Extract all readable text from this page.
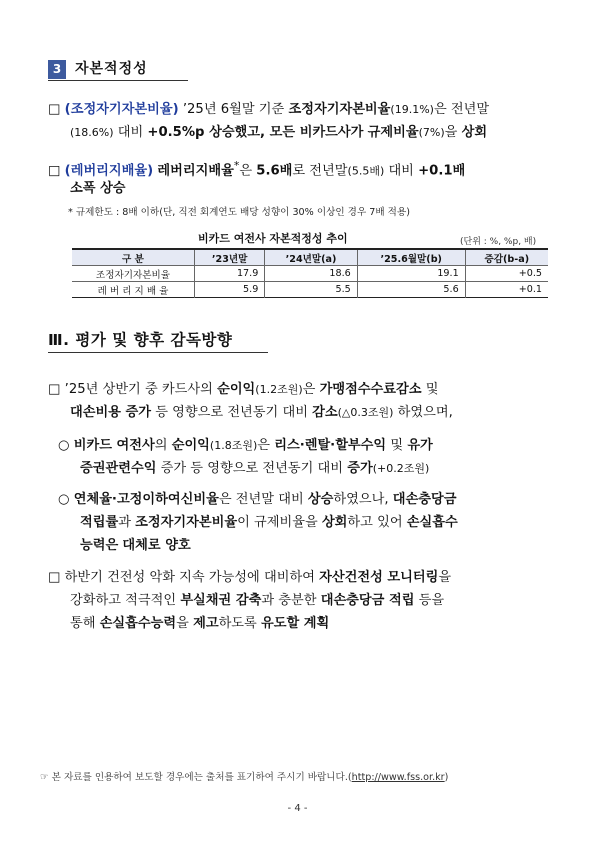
3 자본적정성
□ (조정자기자본비율) ’25년 6월말 기준 조정자기자본비율(19.1%)은 전년말
(18.6%) 대비 +0.5%p 상승했고, 모든 비카드사가 규제비율(7%)을 상회
□ (레버리지배율) 레버리지배율*은 5.6배로 전년말(5.5배) 대비 +0.1배
소폭 상승
* 규제한도 : 8배 이하(단, 직전 회계연도 배당 성향이 30% 이상인 경우 7배 적용)
비카드 여전사 자본적정성 추이	(단위 : %, %p, 배)
구 분	’23년말	’24년말(a)	’25.6월말(b)	증감(b-a)
조정자기자본비율	17.9	18.6	19.1	+0.5
레 버 리 지 배 율	5.9	5.5	5.6	+0.1
Ⅲ. 평가 및 향후 감독방향
□ ’25년 상반기 중 카드사의 순이익(1.2조원)은 가맹점수수료감소 및
대손비용 증가 등 영향으로 전년동기 대비 감소(△0.3조원) 하였으며,
○ 비카드 여전사의 순이익(1.8조원)은 리스·렌탈·할부수익 및 유가
증권관련수익 증가 등 영향으로 전년동기 대비 증가(+0.2조원)
○ 연체율·고정이하여신비율은 전년말 대비 상승하였으나, 대손충당금
적립률과 조정자기자본비율이 규제비율을 상회하고 있어 손실흡수
능력은 대체로 양호
□ 하반기 건전성 악화 지속 가능성에 대비하여 자산건전성 모니터링을
강화하고 적극적인 부실채권 감축과 충분한 대손충당금 적립 등을
통해 손실흡수능력을 제고하도록 유도할 계획
☞ 본 자료를 인용하여 보도할 경우에는 출처를 표기하여 주시기 바랍니다.(http://www.fss.or.kr)
- 4 -
